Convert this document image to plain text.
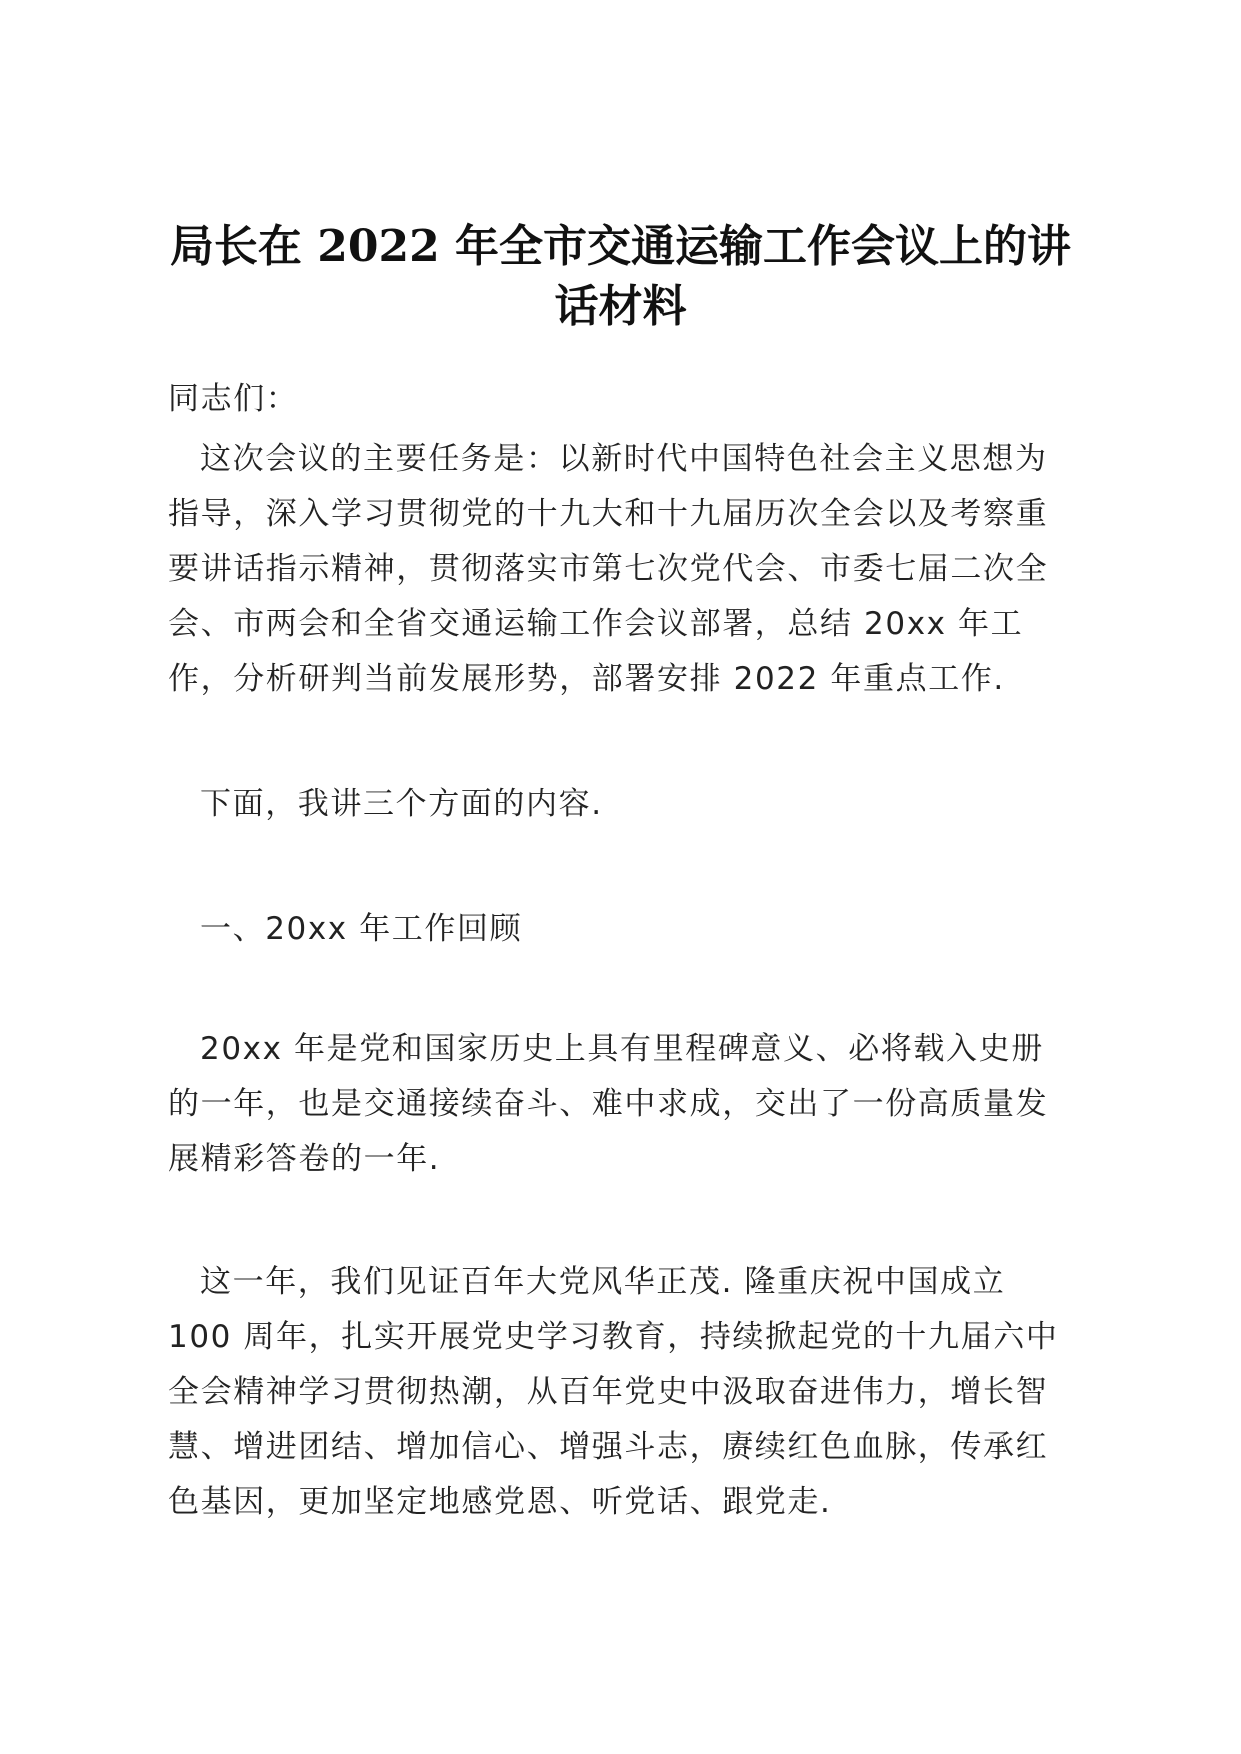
局长在 2022 年全市交通运输工作会议上的讲
话材料

同志们：

这次会议的主要任务是：以新时代中国特色社会主义思想为指导，深入学习贯彻党的十九大和十九届历次全会以及考察重要讲话指示精神，贯彻落实市第七次党代会、市委七届二次全会、市两会和全省交通运输工作会议部署，总结 20xx 年工作，分析研判当前发展形势，部署安排 2022 年重点工作.

下面，我讲三个方面的内容.

一、20xx 年工作回顾

20xx 年是党和国家历史上具有里程碑意义、必将载入史册的一年，也是交通接续奋斗、难中求成，交出了一份高质量发展精彩答卷的一年.

这一年，我们见证百年大党风华正茂. 隆重庆祝中国成立 100 周年，扎实开展党史学习教育，持续掀起党的十九届六中全会精神学习贯彻热潮，从百年党史中汲取奋进伟力，增长智慧、增进团结、增加信心、增强斗志，赓续红色血脉，传承红色基因，更加坚定地感党恩、听党话、跟党走.
